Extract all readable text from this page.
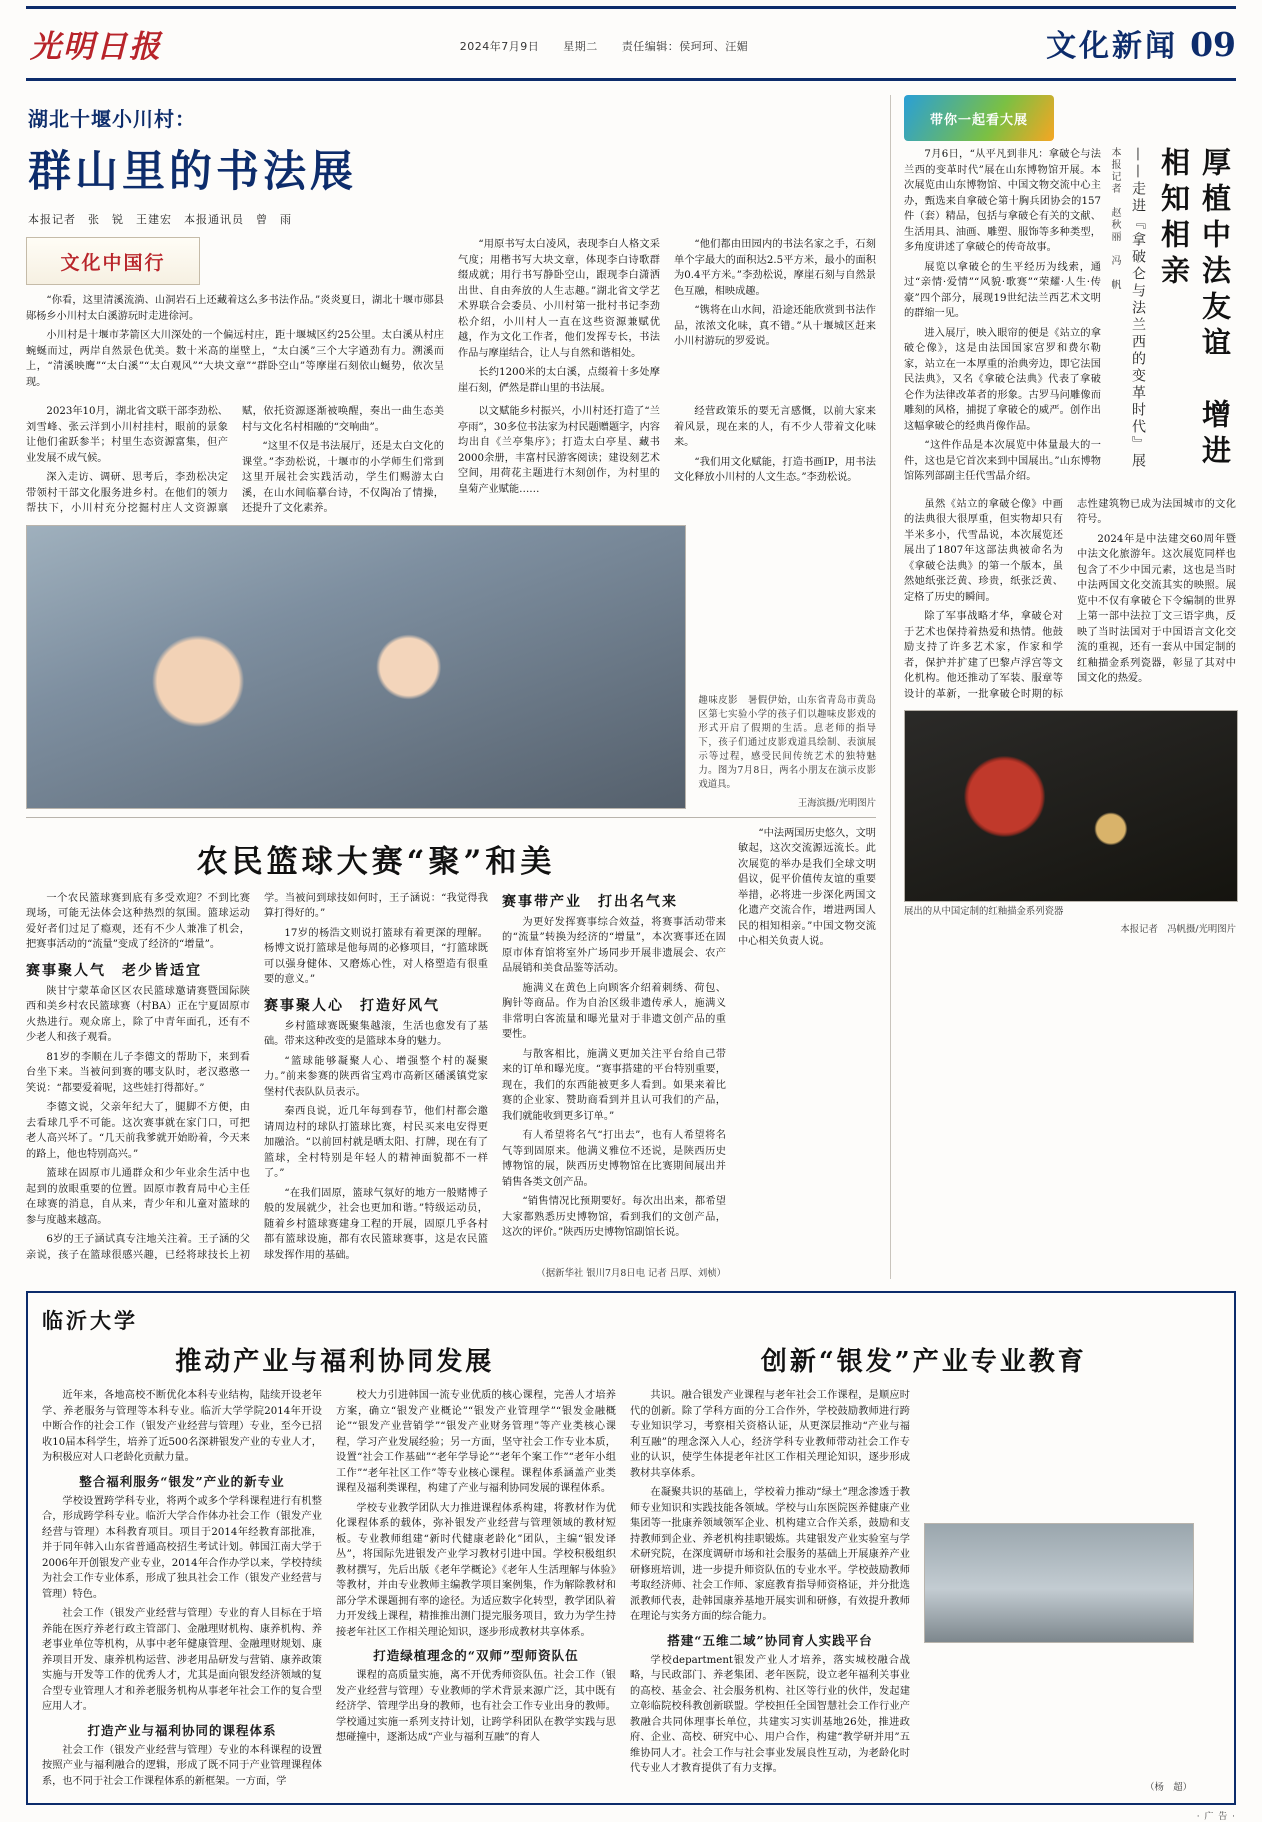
光明日报	2024年7月9日 星期二 责任编辑：侯珂珂、汪媚	文化新闻 09
湖北十堰小川村：
群山里的书法展
本报记者　张　锐　王建宏　本报通讯员　曾　雨
文化中国行

“你看，这里清溪流淌、山洞岩石上还藏着这么多书法作品。”炎炎夏日，湖北十堰市郧县郧杨乡小川村太白溪游玩时走进徐河。

小川村是十堰市茅箭区大川深处的一个偏远村庄，距十堰城区约25公里。太白溪从村庄蜿蜒而过，两岸自然景色优美。数十米高的崖壁上，“太白溪”三个大字遒劲有力。溯溪而上，“清溪映鹰”“太白溪”“太白观风”“大块文章”“群卧空山”等摩崖石刻依山蜒势，依次呈现。

“用原书写太白凌风，表现李白人格文采气度；用楷书写大块文章，体现李白诗歌群缀成就；用行书写静卧空山，跟现李白潇洒出世、自由奔放的人生志趣。”湖北省文学艺术界联合会委员、小川村第一批村书记李劲松介绍，小川村人一直在这些资源兼赋优越，作为文化工作者，他们发挥专长，书法作品与摩崖结合，让人与自然和谐相处。

长约1200米的太白溪，点缀着十多处摩崖石刻，俨然是群山里的书法展。

“他们都由田园内的书法名家之手，石刻单个字最大的面积达2.5平方米，最小的面积为0.4平方米。”李劲松说，摩崖石刻与自然景色互融，相映成趣。

“镌将在山水间，沿途还能欣赏到书法作品，浓浓文化味，真不错。”从十堰城区赶来小川村游玩的罗爱说。

2023年10月，湖北省文联干部李劲松、刘雪峰、张云洋到小川村挂村，眼前的景象让他们雀跃参半；村里生态资源富集，但产业发展不成气候。

深入走访、调研、思考后，李劲松决定带领村干部文化服务进乡村。在他们的领力帮扶下，小川村充分挖掘村庄人文资源禀赋，依托资源逐渐被唤醒，奏出一曲生态美村与文化名村相融的“交响曲”。

“这里不仅是书法展厅，还是太白文化的课堂。”李劲松说，十堰市的小学师生们常到这里开展社会实践活动，学生们赐游太白溪，在山水间临摹台诗，不仅陶冶了情操，还提升了文化素养。

以文赋能乡村振兴，小川村还打造了“兰亭雨”，30多位书法家为村民题赠题字，内容均出自《兰亭集序》；打造太白亭星、藏书2000余册，丰富村民游客阅读；建设刻艺术空间，用荷花主题进行木刻创作，为村里的皇菊产业赋能……

经营政策乐的要无言感慨，以前大家来着风景，现在来的人，有不少人带着文化味来。

“我们用文化赋能，打造书画IP，用书法文化释放小川村的人文生态。”李劲松说。

趣味皮影　暑假伊始，山东省青岛市黄岛区第七实验小学的孩子们以趣味皮影戏的形式开启了假期的生活。息老师的指导下，孩子们通过皮影戏道具绘制、表演展示等过程，感受民间传统艺术的独特魅力。图为7月8日，两名小朋友在演示皮影戏道具。
王海滨摄/光明图片
农民篮球大赛“聚”和美

一个农民篮球赛到底有多受欢迎？不到比赛现场，可能无法体会这种热烈的氛围。篮球运动爱好者们过足了瘾观，还有不少人兼准了机会，把赛事活动的“流量”变成了经济的“增量”。

赛事聚人气　老少皆适宜

陕甘宁蒙革命区区农民篮球邀请赛暨国际陕西和美乡村农民篮球赛（村BA）正在宁夏固原市火热进行。观众席上，除了中青年面孔，还有不少老人和孩子观看。

81岁的李顺在儿子李德文的帮助下，来到看台坐下来。当被问到赛的哪支队时，老汉憨憨一笑说：“都要爱着呢，这些娃打得都好。”

李德文说，父亲年纪大了，腿脚不方便，由去看球几乎不可能。这次赛事就在家门口，可把老人高兴坏了。“几天前我爹就开始盼着，今天来的路上，他也特别高兴。”

篮球在固原市儿通群众和少年业余生活中也起到的放眼重要的位置。固原市教育局中心主任在球赛的消息，自从来，青少年和儿童对篮球的参与度越来越高。

6岁的王子涵试真专注地关注着。王子涵的父亲说，孩子在篮球很感兴趣，已经将球技长上初学。当被问到球技如何时，王子涵说：“我觉得我算打得好的。”

17岁的杨浩文则说打篮球有着更深的理解。杨博文说打篮球是他每周的必修项目，“打篮球既可以强身健体、又磨炼心性，对人格塑造有很重要的意义。”

赛事聚人心　打造好风气

乡村篮球赛既聚集越滚，生活也愈发有了基础。带来这种改变的是篮球本身的魅力。

“篮球能够凝聚人心、增强整个村的凝聚力。”前来参赛的陕西省宝鸡市高新区磻溪镇党家堡村代表队队员表示。

秦西良说，近几年每到春节，他们村都会邀请周边村的球队打篮球比赛，村民买来电安得更加融洽。“以前回村就是晒太阳、打牌，现在有了篮球，全村特别是年轻人的精神面貌都不一样了。”

“在我们固原，篮球气氛好的地方一般赌博子般的发展就少，社会也更加和谐。”特级运动员，随着乡村篮球赛建身工程的开展，固原几乎各村都有篮球设施，都有农民篮球赛事，这是农民篮球发挥作用的基础。

赛事带产业　打出名气来

为更好发挥赛事综合效益，将赛事活动带来的“流量”转换为经济的“增量”，本次赛事还在固原市体育馆将室外广场同步开展非遗展会、农产品展销和美食品鉴等活动。

施满义在黄色上向顾客介绍着刺绣、荷包、胸针等商品。作为自治区级非遗传承人，施满义非常明白客流量和曝光量对于非遗文创产品的重要性。

与散客相比，施满义更加关注平台给自己带来的订单和曝光度。“赛事搭建的平台特别重要，现在，我们的东西能被更多人看到。如果来着比赛的企业家、赞助商看到并且认可我们的产品，我们就能收到更多订单。”

有人希望将名气“打出去”，也有人希望将名气等到固原来。他满义雅位不还说，是陕西历史博物馆的展，陕西历史博物馆在比赛期间展出并销售各类文创产品。

“销售情况比预期要好。每次出出来，都希望大家都熟悉历史博物馆，看到我们的文创产品，这次的评价。”陕西历史博物馆副馆长说。

（据新华社 银川7月8日电 记者 吕厚、刘桢）

“中法两国历史悠久，文明敏起，这次交流源远流长。此次展览的举办是我们全球文明倡议，促平价值传友谊的重要举措，必将进一步深化两国文化遗产交流合作，增进两国人民的相知相亲。”中国文物交流中心相关负责人说。

带你一起看大展

7月6日，“从平凡到非凡：拿破仑与法兰西的变革时代”展在山东博物馆开展。本次展览由山东博物馆、中国文物交流中心主办，甄选来自拿破仑第十胸兵团协会的157件（套）精品，包括与拿破仑有关的文献、生活用具、油画、雕塑、服饰等多种类型，多角度讲述了拿破仑的传奇故事。

展览以拿破仑的生平经历为线索，通过“亲情·爱情”“风貌·歌赛”“荣耀·人生·传豪”四个部分，展现19世纪法兰西艺术文明的群缩一见。

进入展厅，映入眼帘的便是《站立的拿破仑像》，这是由法国国家宫罗和费尔勒家，站立在一本厚重的治典旁边，即它法国民法典》，又名《拿破仑法典》代表了拿破仑作为法律改革者的形象。古罗马问雕像而雕刻的风格，捕捉了拿破仑的威严。创作出这幅拿破仑的经典肖像作品。

“这件作品是本次展览中体量最大的一件，这也是它首次来到中国展出。”山东博物馆陈列部副主任代雪晶介绍。

本报记者　赵秋丽　冯　帆 ——走进『拿破仑与法兰西的变革时代』展	厚植中法友谊　增进相知相亲

虽然《站立的拿破仑像》中画的法典很大很厚重，但实物却只有半米多小，代雪晶说，本次展览还展出了1807年这部法典被命名为《拿破仑法典》的第一个版本，虽然她纸张泛黄、珍贵，纸张泛黄、定格了历史的瞬间。

除了军事战略才华，拿破仑对于艺术也保持着热爱和热情。他鼓励支持了许多艺术家，作家和学者，保护并扩建了巴黎卢浮宫等文化机构。他还推动了军装、服章等设计的革新，一批拿破仑时期的标志性建筑物已成为法国城市的文化符号。

2024年是中法建交60周年暨中法文化旅游年。这次展览同样也包含了不少中国元素，这也是当时中法两国文化交流其实的映照。展览中不仅有拿破仑下令编制的世界上第一部中法拉丁文三语字典，反映了当时法国对于中国语言文化交流的重视，还有一套从中国定制的红釉描金系列瓷器，彰显了其对中国文化的热爱。

展出的从中国定制的红釉描金系列瓷器
本报记者　冯帆摄/光明图片
临沂大学
推动产业与福利协同发展	创新“银发”产业专业教育

近年来，各地高校不断优化本科专业结构，陆续开设老年学、养老服务与管理等本科专业。临沂大学学院2014年开设中断合作的社会工作（银发产业经营与管理）专业，至今已招收10届本科学生，培养了近500名深耕银发产业的专业人才，为积极应对人口老龄化贡献力量。

整合福利服务“银发”产业的新专业

学校设置跨学科专业，将两个或多个学科课程进行有机整合，形成跨学科专业。临沂大学合作体办社会工作（银发产业经营与管理）本科教育项目。项目于2014年经教育部批准，并于同年韩入山东省普通高校招生考试计划。韩国江南大学于2006年开创银发产业专业，2014年合作办学以来，学校持续为社会工作专业体系，形成了独具社会工作（银发产业经营与管理）特色。

社会工作（银发产业经营与管理）专业的育人目标在于培养能在医疗养老行政主管部门、金融理财机构、康养机构、养老事业单位等机构，从事中老年健康管理、金融理财规划、康养项目开发、康养机构运营、涉老用品研发与营销、康养政策实施与开发等工作的优秀人才，尤其是面向银发经济领域的复合型专业管理人才和养老服务机构从事老年社会工作的复合型应用人才。

打造产业与福利协同的课程体系

社会工作（银发产业经营与管理）专业的本科课程的设置按照产业与福利融合的逻辑，形成了既不同于产业管理课程体系，也不同于社会工作课程体系的新框架。一方面，学

校大力引进韩国一流专业优质的核心课程，完善人才培养方案，确立“银发产业概论”“银发产业管理学”“银发金融概论”“银发产业营销学”“银发产业财务管理”等产业类核心课程，学习产业发展经验；另一方面，坚守社会工作专业本质，设置“社会工作基础”“老年学导论”“老年个案工作”“老年小组工作”“老年社区工作”等专业核心课程。课程体系涵盖产业类课程及福利类课程，构建了产业与福利协同发展的课程体系。

学校专业教学团队大力推进课程体系构建，将教材作为优化课程体系的载体，弥补银发产业经营与管理领域的教材短板。专业教师组建“新时代健康老龄化”团队，主编“银发译丛”，将国际先进银发产业学习教材引进中国。学校积极组织教材撰写，先后出版《老年学概论》《老年人生活理解与体验》等教材，并由专业教师主编教学项目案例集，作为解除教材和部分学术课题拥有率的途径。为适应数字化转型，教学团队着力开发线上课程，精推推出测门提完服务项目，致力为学生持接老年社区工作相关理论知识，逐步形成教材共享体系。

打造绿植理念的“双师”型师资队伍

课程的高质量实施，离不开优秀师资队伍。社会工作（银发产业经营与管理）专业教师的学术背景来源广泛，其中既有经济学、管理学出身的教师，也有社会工作专业出身的教师。学校通过实施一系列支持计划，让跨学科团队在教学实践与思想碰撞中，逐渐达成“产业与福利互融”的育人

共识。融合银发产业课程与老年社会工作课程，是顺应时代的创新。除了学科方面的分工合作外，学校鼓励教师进行跨专业知识学习，考察相关资格认证，从更深层推动“产业与福利互融”的理念深入人心，经济学科专业教师带动社会工作专业的认识，使学生体提老年社区工作相关理论知识，逐步形成教材共享体系。

在凝聚共识的基础上，学校着力推动“绿土”理念渗透于教师专业知识和实践技能各领域。学校与山东医院医养健康产业集团等一批康养领域领军企业、机构建立合作关系，鼓励和支持教师到企业、养老机构挂职锻炼。共建银发产业实验室与学术研究院，在深度调研市场和社会服务的基础上开展康养产业研修班培训，进一步提升师资队伍的专业水平。学校鼓励教师考取经济师、社会工作师、家庭教育指导师资格证，并分批选派教师代表，赴韩国康养基地开展实训和研修，有效提升教师在理论与实务方面的综合能力。

搭建“五维二域”协同育人实践平台

学校department银发产业人才培养，落实城校融合战略，与民政部门、养老集团、老年医院，设立老年福利关事业的高校、基金会、社会服务机构、社区等行业的伙伴，发起建立彰临院校科教创新联盟。学校担任全国智慧社会工作行业产教融合共同体理事长单位，共建实习实训基地26处，推进政府、企业、高校、研究中心、用户合作，构建“教学研并用”五维协同人才。社会工作与社会事业发展良性互动，为老龄化时代专业人才教育提供了有力支撑。

（杨　超）
· 广 告 ·
